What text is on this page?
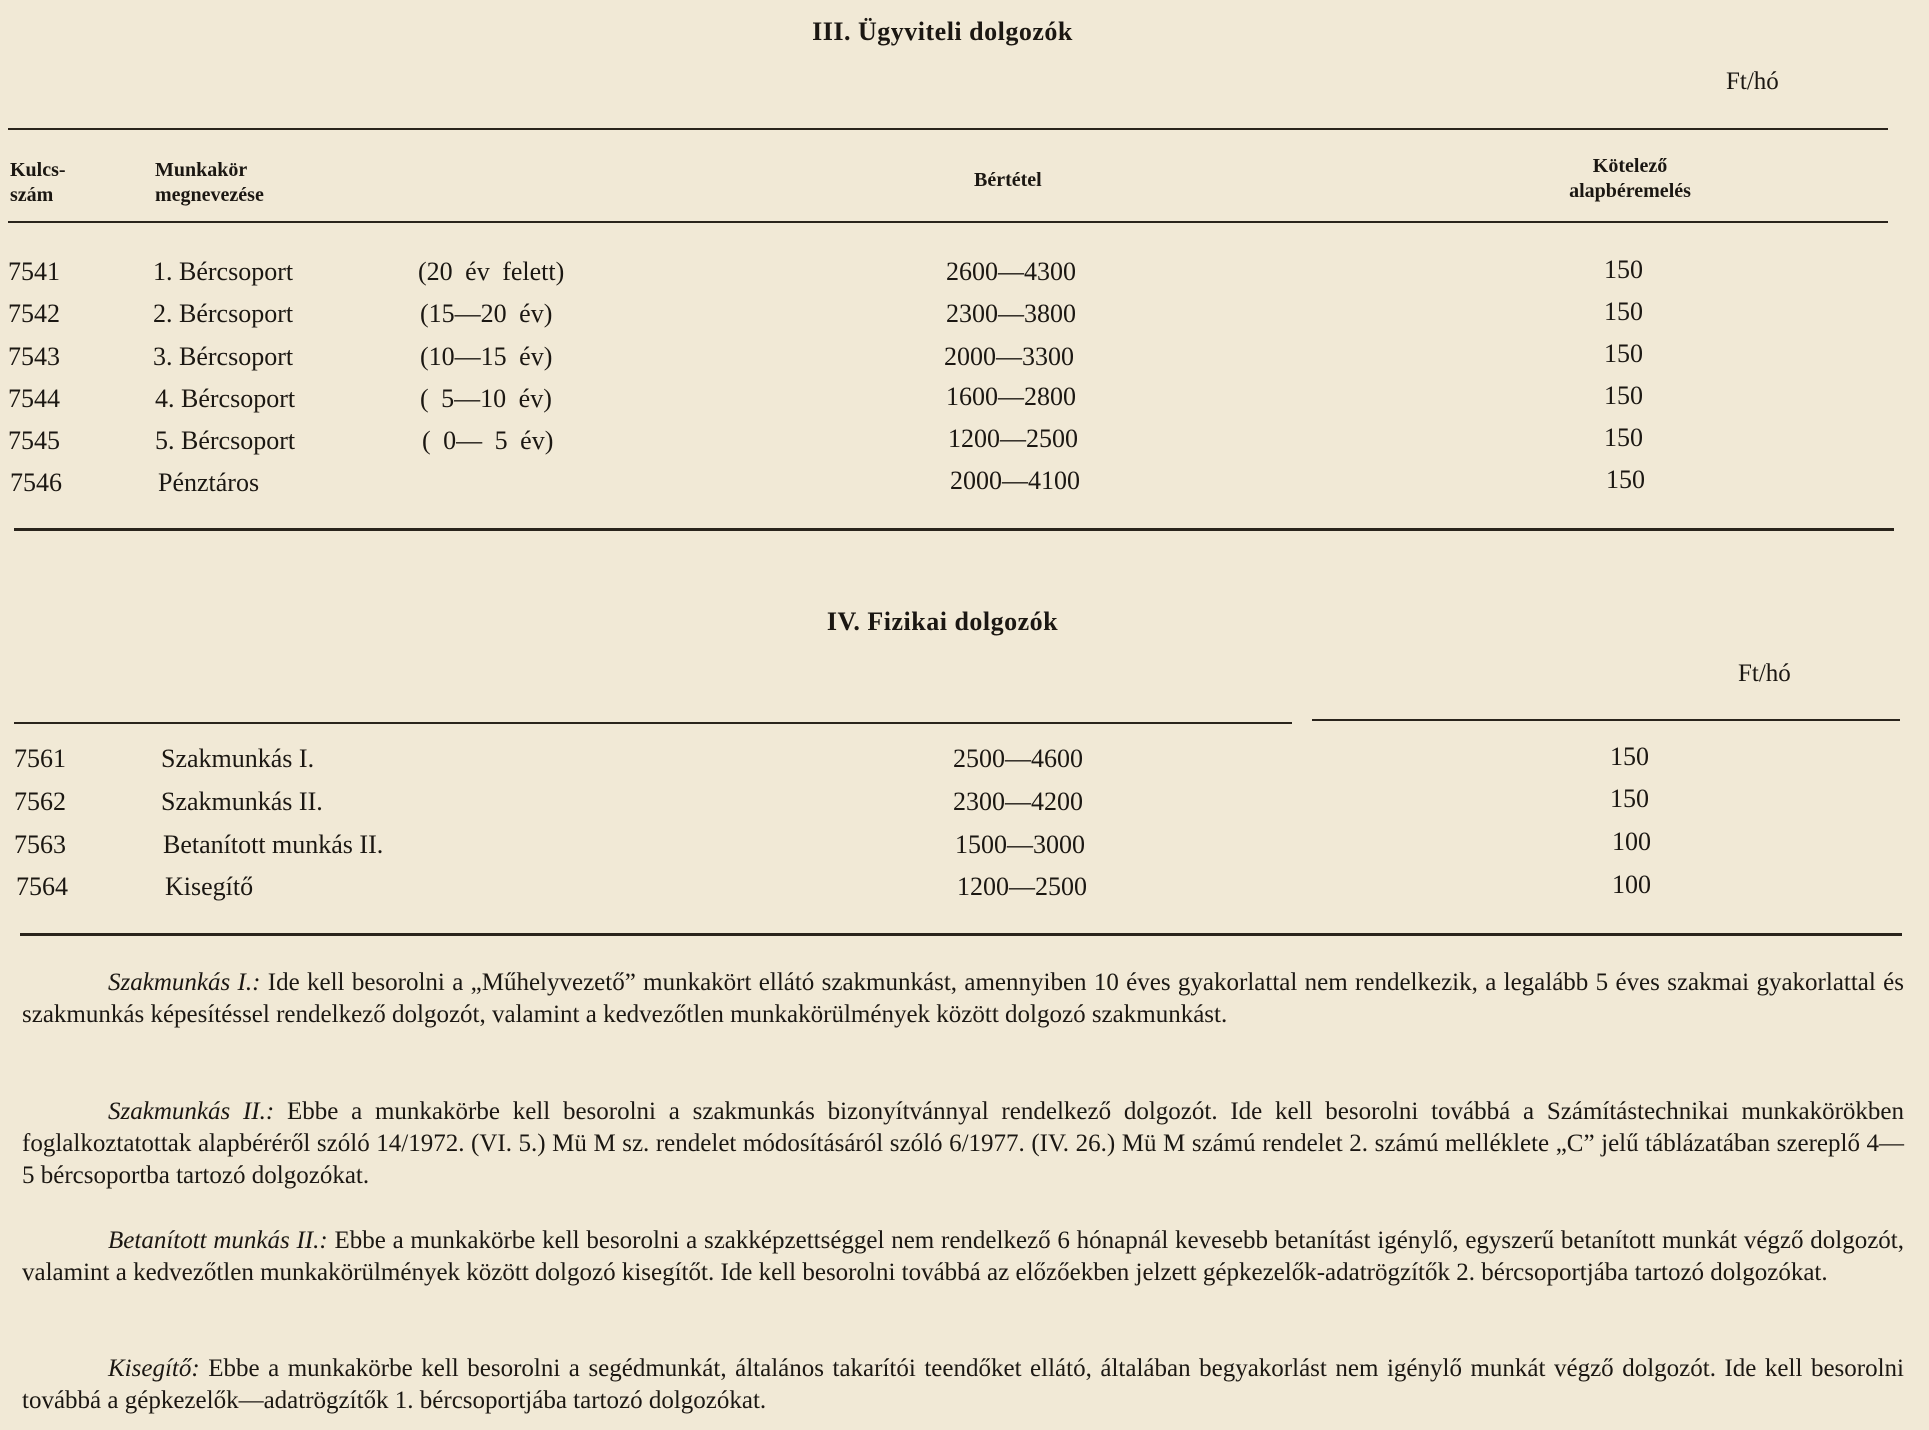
III. Ügyviteli dolgozók
Ft/hó
Kulcs-
szám
Munkakör
megnevezése
Bértétel
Kötelező
alapbéremelés
7541	1. Bércsoport	(20 év felett)	2600—4300	150
7542	2. Bércsoport	(15—20 év)	2300—3800	150
7543	3. Bércsoport	(10—15 év)	2000—3300	150
7544	4. Bércsoport	( 5—10 év)	1600—2800	150
7545	5. Bércsoport	( 0— 5 év)	1200—2500	150
7546	Pénztáros	2000—4100	150
IV. Fizikai dolgozók
Ft/hó
7561	Szakmunkás I.	2500—4600	150
7562	Szakmunkás II.	2300—4200	150
7563	Betanított munkás II.	1500—3000	100
7564	Kisegítő	1200—2500	100

Szakmunkás I.: Ide kell besorolni a „Műhelyvezető” munkakört ellátó szakmunkást, amennyiben 10 éves gyakorlattal nem rendelkezik, a legalább 5 éves szakmai gyakorlattal és szakmunkás képesítéssel rendelkező dolgozót, valamint a kedvezőtlen munkakörülmények között dolgozó szakmunkást.

Szakmunkás II.: Ebbe a munkakörbe kell besorolni a szakmunkás bizonyítvánnyal rendelkező dolgozót. Ide kell besorolni továbbá a Számítástechnikai munkakörökben foglalkoztatottak alapbéréről szóló 14/1972. (VI. 5.) Mü M sz. rendelet módosításáról szóló 6/1977. (IV. 26.) Mü M számú rendelet 2. számú melléklete „C” jelű táblázatában szereplő 4—5 bércsoportba tartozó dolgozókat.

Betanított munkás II.: Ebbe a munkakörbe kell besorolni a szakképzettséggel nem rendelkező 6 hónapnál kevesebb betanítást igénylő, egyszerű betanított munkát végző dolgozót, valamint a kedvezőtlen munkakörülmények között dolgozó kisegítőt. Ide kell besorolni továbbá az előzőekben jelzett gépkezelők-adatrögzítők 2. bércsoportjába tartozó dolgozókat.

Kisegítő: Ebbe a munkakörbe kell besorolni a segédmunkát, általános takarítói teendőket ellátó, általában begyakorlást nem igénylő munkát végző dolgozót. Ide kell besorolni továbbá a gépkezelők—adatrögzítők 1. bércsoportjába tartozó dolgozókat.
